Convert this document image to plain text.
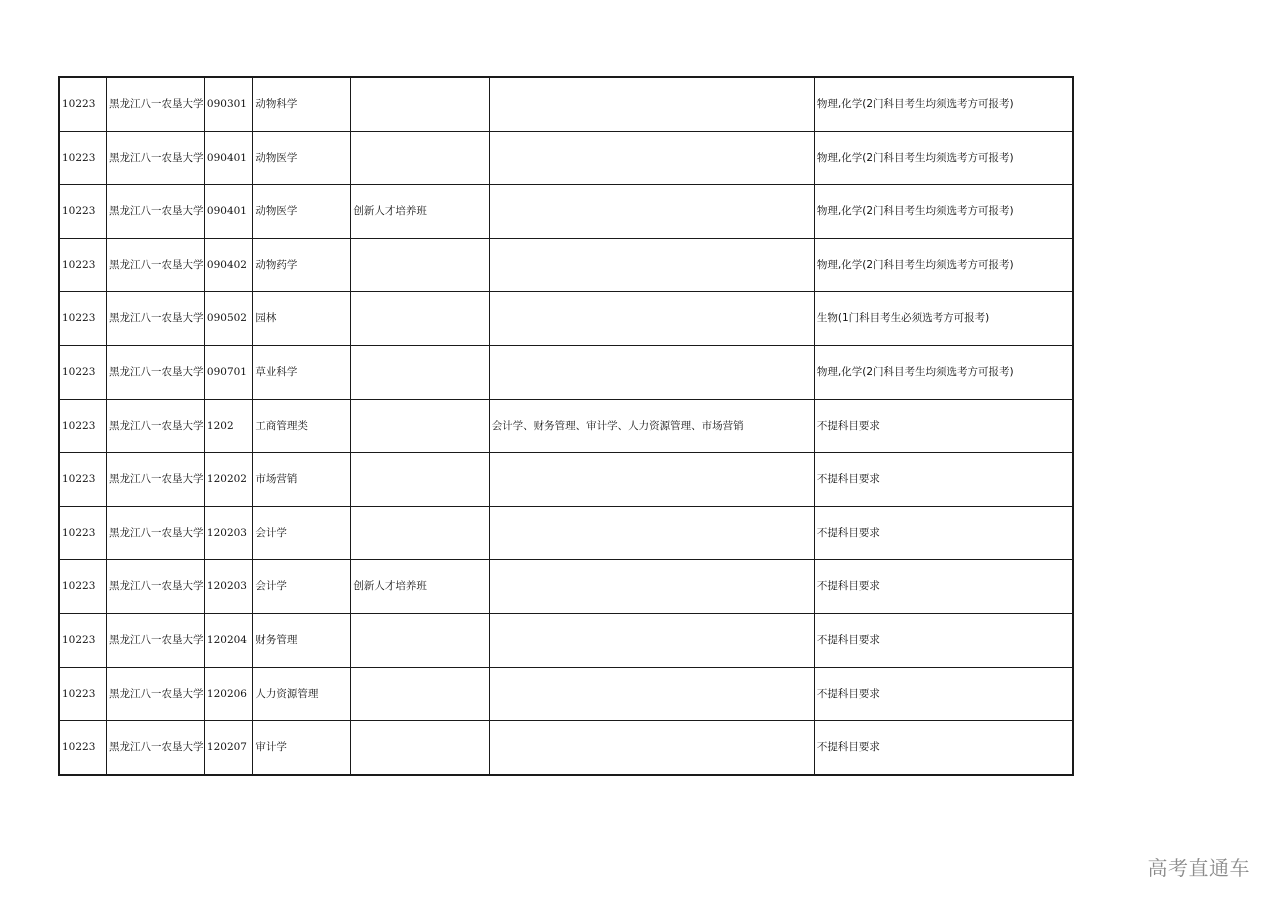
10223	黑龙江八一农垦大学	090301	动物科学			物理,化学(2门科目考生均须选考方可报考)
10223	黑龙江八一农垦大学	090401	动物医学			物理,化学(2门科目考生均须选考方可报考)
10223	黑龙江八一农垦大学	090401	动物医学	创新人才培养班		物理,化学(2门科目考生均须选考方可报考)
10223	黑龙江八一农垦大学	090402	动物药学			物理,化学(2门科目考生均须选考方可报考)
10223	黑龙江八一农垦大学	090502	园林			生物(1门科目考生必须选考方可报考)
10223	黑龙江八一农垦大学	090701	草业科学			物理,化学(2门科目考生均须选考方可报考)
10223	黑龙江八一农垦大学	1202	工商管理类		会计学、财务管理、审计学、人力资源管理、市场营销	不提科目要求
10223	黑龙江八一农垦大学	120202	市场营销			不提科目要求
10223	黑龙江八一农垦大学	120203	会计学			不提科目要求
10223	黑龙江八一农垦大学	120203	会计学	创新人才培养班		不提科目要求
10223	黑龙江八一农垦大学	120204	财务管理			不提科目要求
10223	黑龙江八一农垦大学	120206	人力资源管理			不提科目要求
10223	黑龙江八一农垦大学	120207	审计学			不提科目要求
高考直通车
